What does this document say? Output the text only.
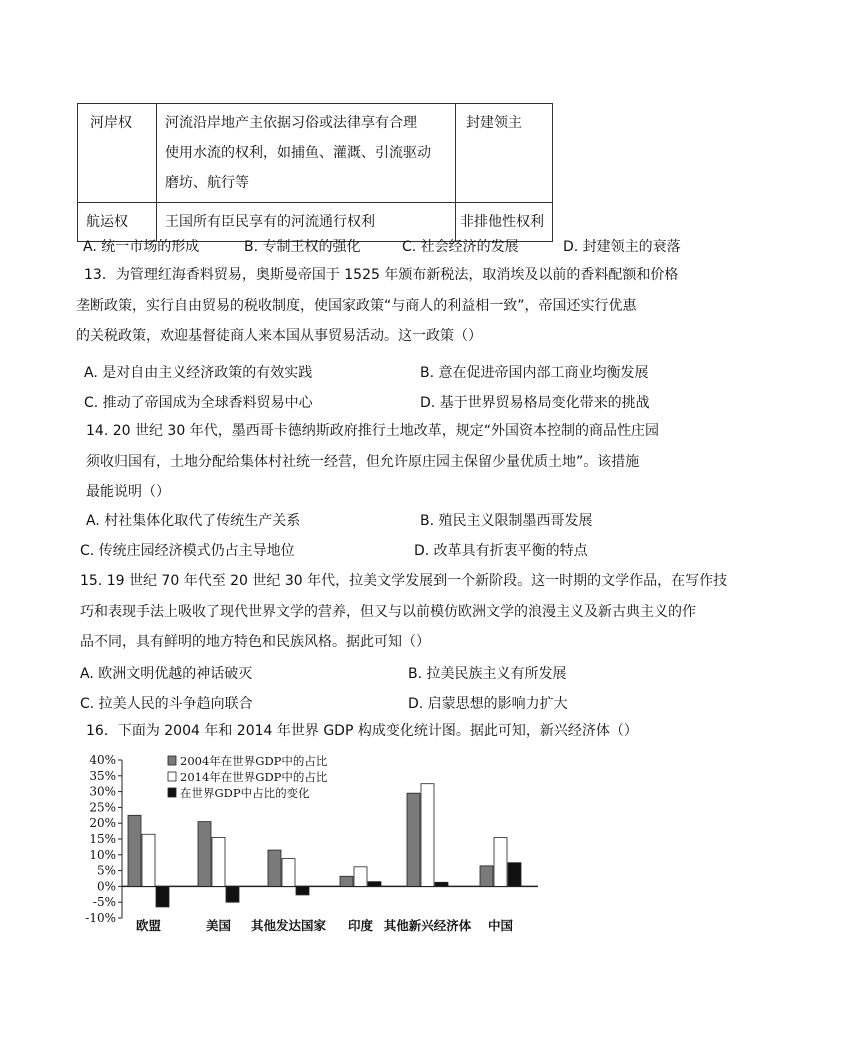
河岸权	河流沿岸地产主依据习俗或法律享有合理
使用水流的权利，如捕鱼、灌溉、引流驱动
磨坊、航行等	封建领主

航运权	王国所有臣民享有的河流通行权利	非排他性权利
A. 统一市场的形成	B. 专制王权的强化	C. 社会经济的发展	D. 封建领主的衰落
13．为管理红海香料贸易，奥斯曼帝国于 1525 年颁布新税法，取消埃及以前的香料配额和价格
垄断政策，实行自由贸易的税收制度，使国家政策“与商人的利益相一致”，帝国还实行优惠
的关税政策，欢迎基督徒商人来本国从事贸易活动。这一政策（）
A. 是对自由主义经济政策的有效实践	B. 意在促进帝国内部工商业均衡发展
C. 推动了帝国成为全球香料贸易中心	D. 基于世界贸易格局变化带来的挑战
14. 20 世纪 30 年代，墨西哥卡德纳斯政府推行土地改革，规定“外国资本控制的商品性庄园
须收归国有，土地分配给集体村社统一经营，但允许原庄园主保留少量优质土地”。该措施
最能说明（）
A. 村社集体化取代了传统生产关系	B. 殖民主义限制墨西哥发展
C. 传统庄园经济模式仍占主导地位	D. 改革具有折衷平衡的特点
15. 19 世纪 70 年代至 20 世纪 30 年代，拉美文学发展到一个新阶段。这一时期的文学作品，在写作技
巧和表现手法上吸收了现代世界文学的营养，但又与以前模仿欧洲文学的浪漫主义及新古典主义的作
品不同，具有鲜明的地方特色和民族风格。据此可知（）
A. 欧洲文明优越的神话破灭	B. 拉美民族主义有所发展
C. 拉美人民的斗争趋向联合	D. 启蒙思想的影响力扩大
16．下面为 2004 年和 2014 年世界 GDP 构成变化统计图。据此可知，新兴经济体（）
40%
35%
30%
25%
20%
15%
10%
5%
0%
-5%
-10% 欧盟	美国 其他发达国家 印度 其他新兴经济体 中国
2004年在世界GDP中的占比
2014年在世界GDP中的占比
在世界GDP中占比的变化
